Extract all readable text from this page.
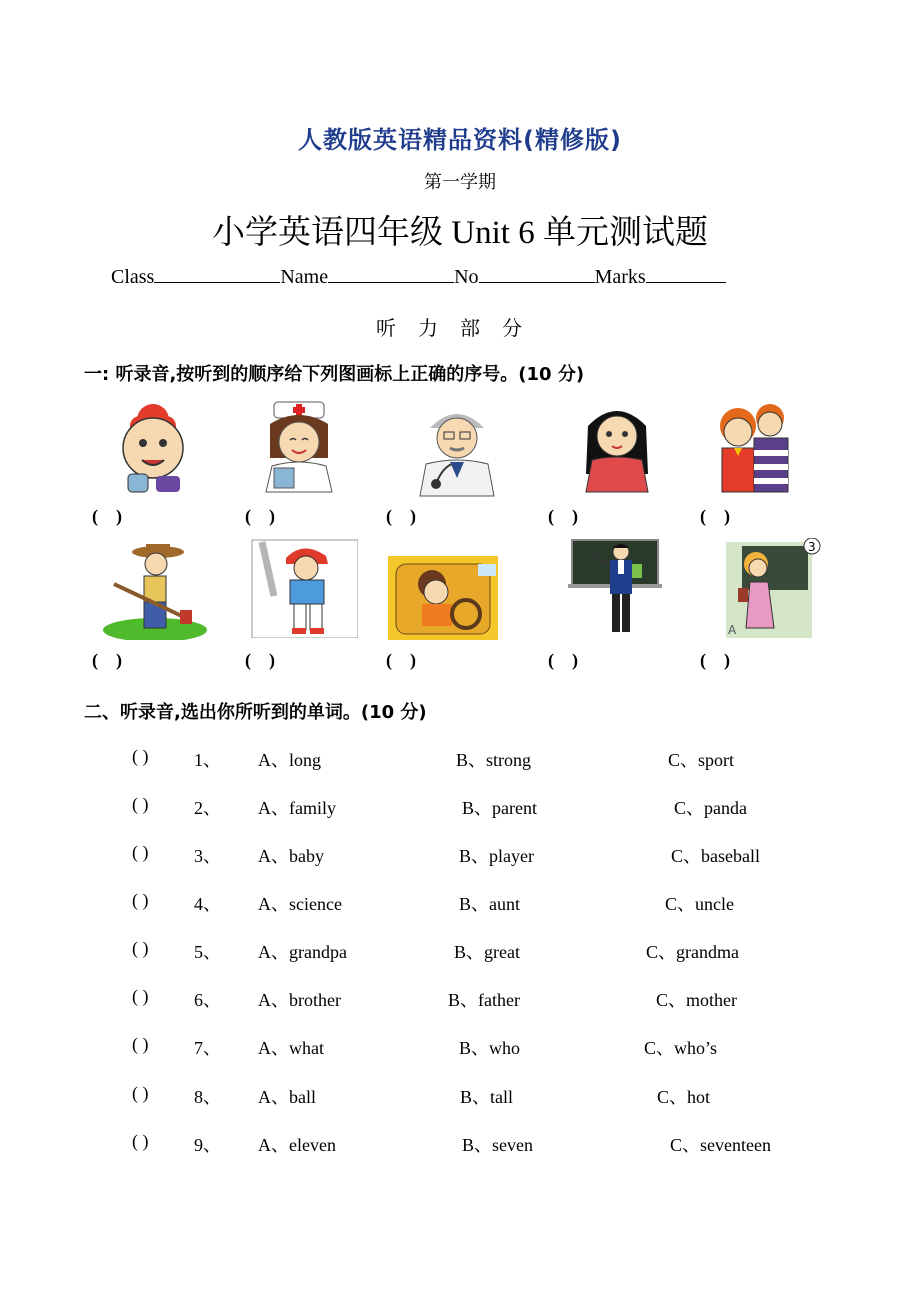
人教版英语精品资料(精修版)
第一学期
小学英语四年级 Unit 6 单元测试题
Class	Name	No	Marks
听力部分
一: 听录音,按听到的顺序给下列图画标上正确的序号。(10 分)
(    )	(    )	(    )	(    )	(    )
3
A
(    )	(    )	(    )	(    )	(    )
二、听录音,选出你所听到的单词。(10 分)
( )	1、 A、long	B、strong	C、sport
( )	2、 A、family	B、parent	C、panda
( )	3、 A、baby	B、player	C、baseball
( )	4、 A、science	B、aunt	C、uncle
( )	5、 A、grandpa	B、great	C、grandma
( )	6、 A、brother	B、father	C、mother
( )	7、 A、what	B、who	C、who’s
( )	8、 A、ball	B、tall	C、hot
( )	9、 A、eleven	B、seven	C、seventeen
